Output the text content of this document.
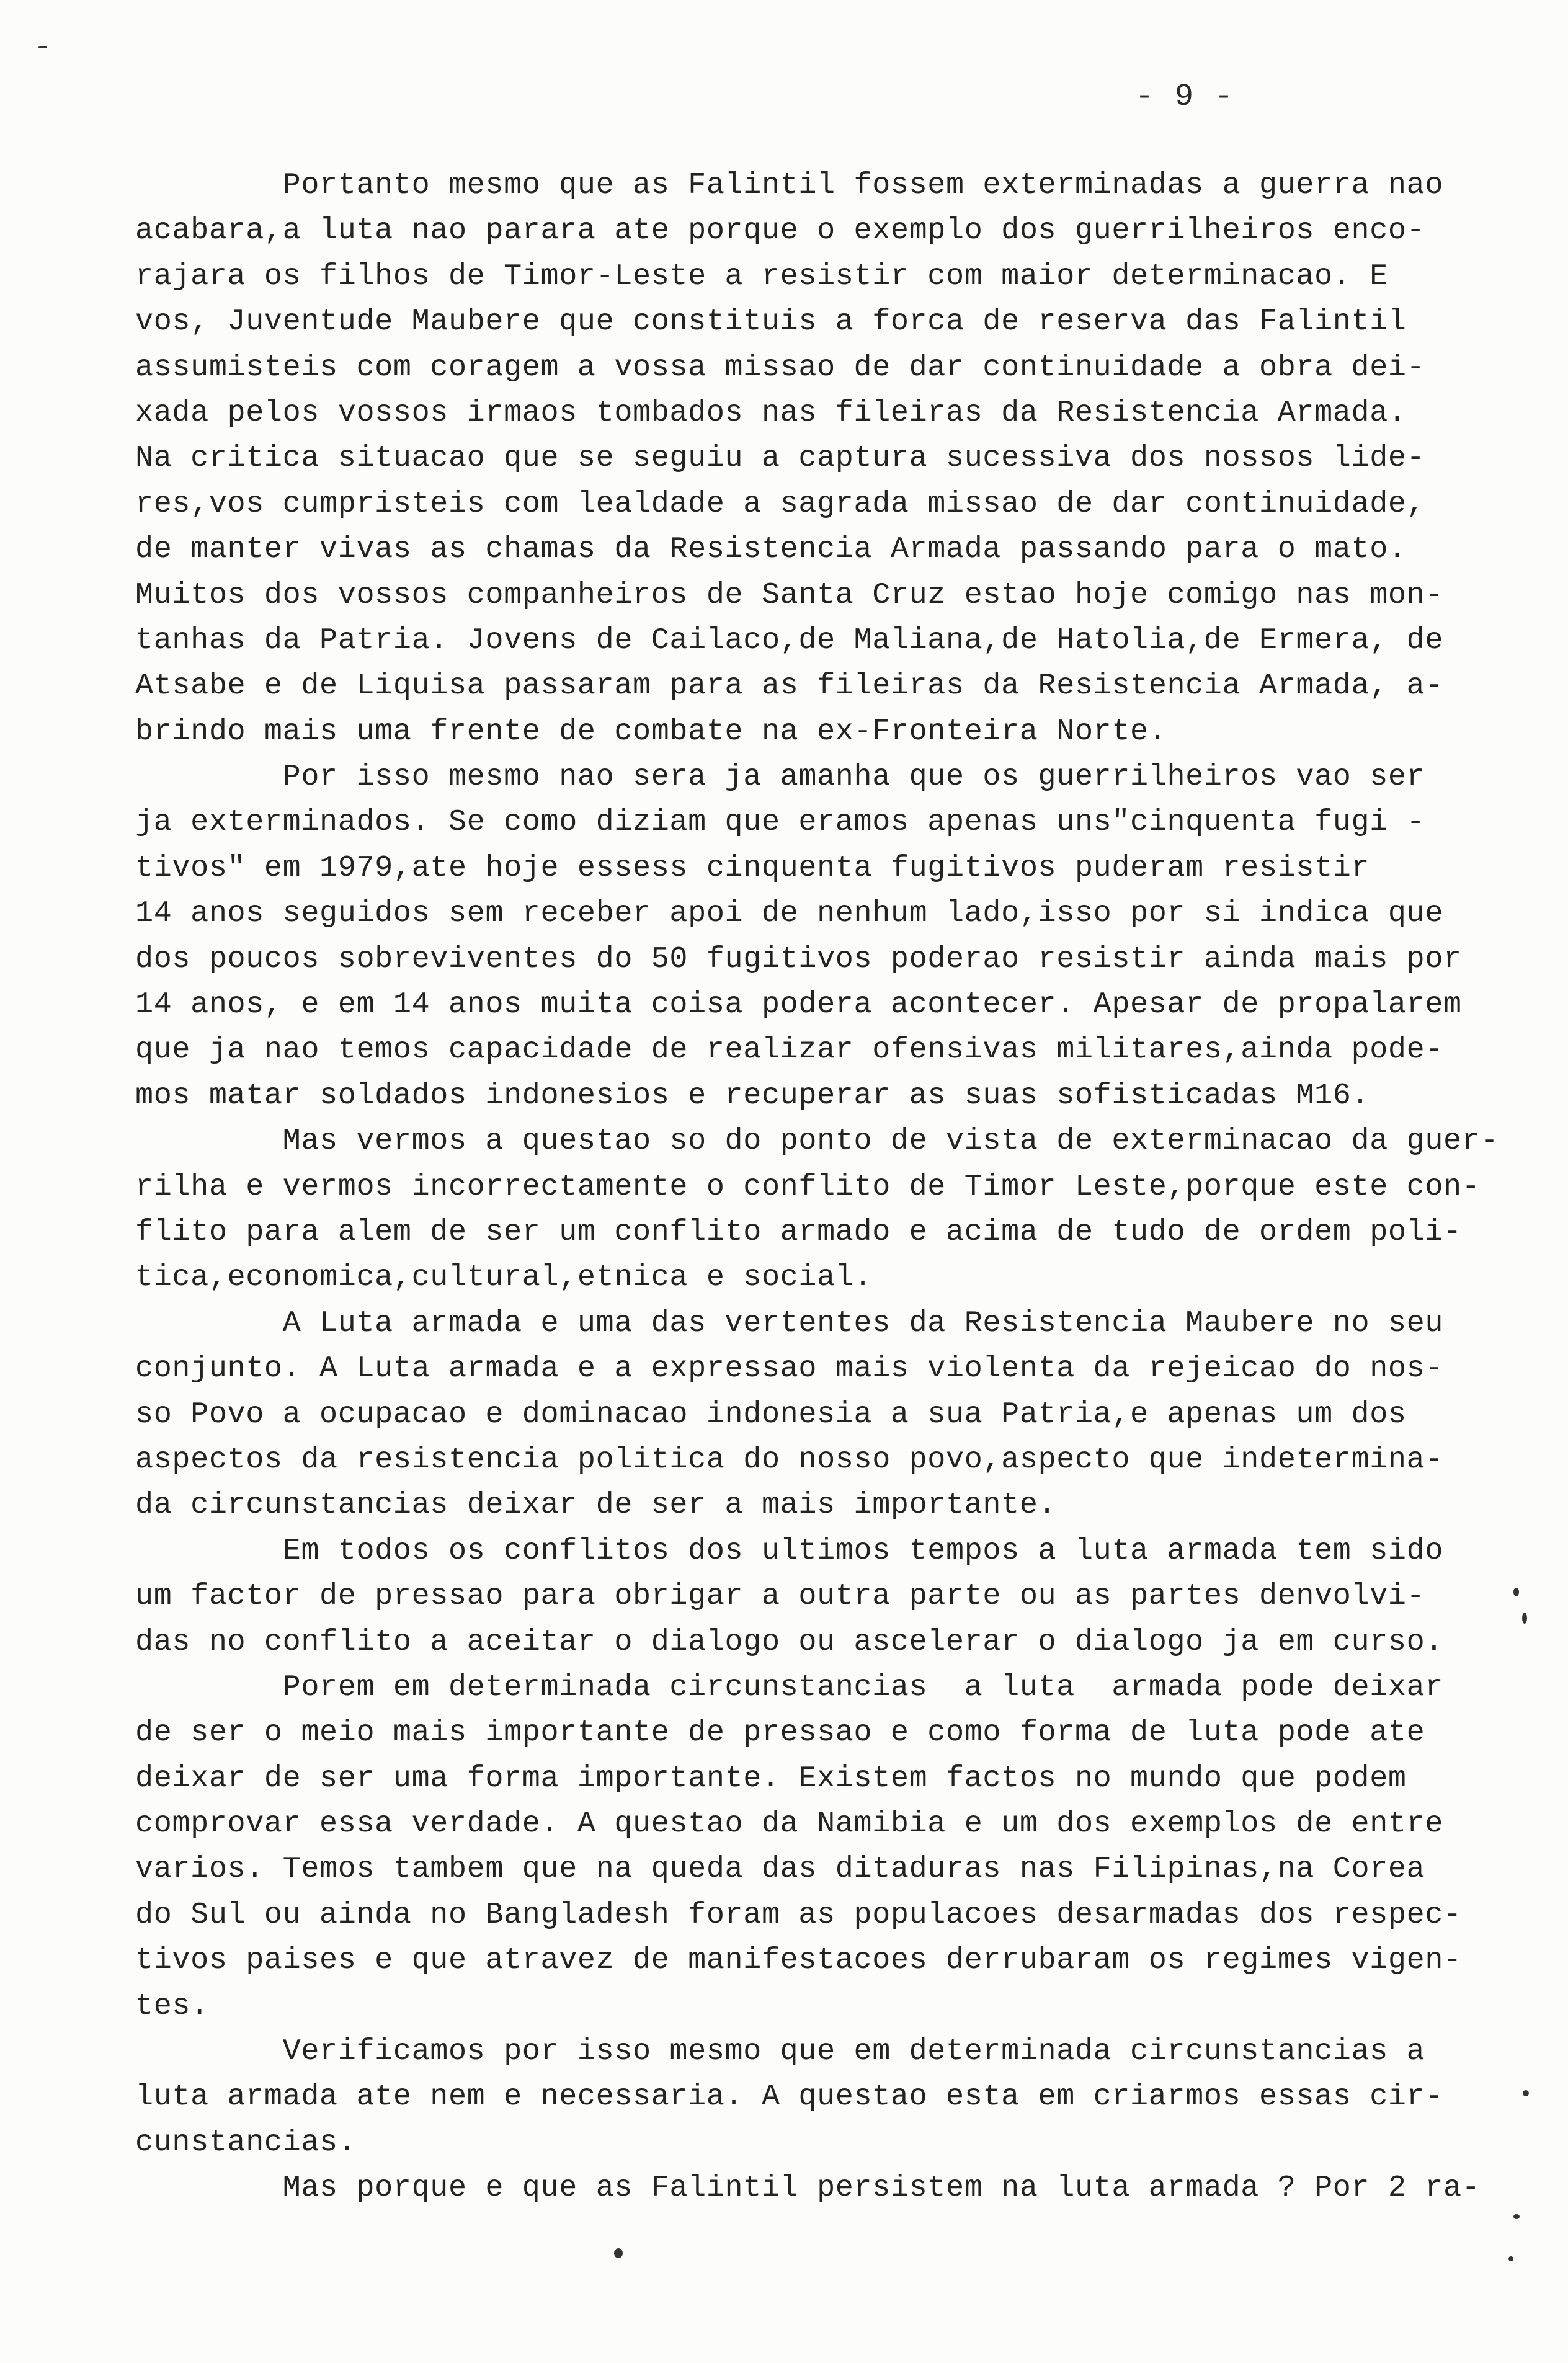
- 9 -
Portanto mesmo que as Falintil fossem exterminadas a guerra nao
acabara,a luta nao parara ate porque o exemplo dos guerrilheiros enco-
rajara os filhos de Timor-Leste a resistir com maior determinacao. E
vos, Juventude Maubere que constituis a forca de reserva das Falintil
assumisteis com coragem a vossa missao de dar continuidade a obra dei-
xada pelos vossos irmaos tombados nas fileiras da Resistencia Armada.
Na critica situacao que se seguiu a captura sucessiva dos nossos lide-
res,vos cumpristeis com lealdade a sagrada missao de dar continuidade,
de manter vivas as chamas da Resistencia Armada passando para o mato.
Muitos dos vossos companheiros de Santa Cruz estao hoje comigo nas mon-
tanhas da Patria. Jovens de Cailaco,de Maliana,de Hatolia,de Ermera, de
Atsabe e de Liquisa passaram para as fileiras da Resistencia Armada, a-
brindo mais uma frente de combate na ex-Fronteira Norte.
Por isso mesmo nao sera ja amanha que os guerrilheiros vao ser
ja exterminados. Se como diziam que eramos apenas uns"cinquenta fugi -
tivos" em 1979,ate hoje essess cinquenta fugitivos puderam resistir
14 anos seguidos sem receber apoi de nenhum lado,isso por si indica que
dos poucos sobreviventes do 50 fugitivos poderao resistir ainda mais por
14 anos, e em 14 anos muita coisa podera acontecer. Apesar de propalarem
que ja nao temos capacidade de realizar ofensivas militares,ainda pode-
mos matar soldados indonesios e recuperar as suas sofisticadas M16.
Mas vermos a questao so do ponto de vista de exterminacao da guer-
rilha e vermos incorrectamente o conflito de Timor Leste,porque este con-
flito para alem de ser um conflito armado e acima de tudo de ordem poli-
tica,economica,cultural,etnica e social.
A Luta armada e uma das vertentes da Resistencia Maubere no seu
conjunto. A Luta armada e a expressao mais violenta da rejeicao do nos-
so Povo a ocupacao e dominacao indonesia a sua Patria,e apenas um dos
aspectos da resistencia politica do nosso povo,aspecto que indetermina-
da circunstancias deixar de ser a mais importante.
Em todos os conflitos dos ultimos tempos a luta armada tem sido
um factor de pressao para obrigar a outra parte ou as partes denvolvi-
das no conflito a aceitar o dialogo ou ascelerar o dialogo ja em curso.
Porem em determinada circunstancias  a luta  armada pode deixar
de ser o meio mais importante de pressao e como forma de luta pode ate
deixar de ser uma forma importante. Existem factos no mundo que podem
comprovar essa verdade. A questao da Namibia e um dos exemplos de entre
varios. Temos tambem que na queda das ditaduras nas Filipinas,na Corea
do Sul ou ainda no Bangladesh foram as populacoes desarmadas dos respec-
tivos paises e que atravez de manifestacoes derrubaram os regimes vigen-
tes.
Verificamos por isso mesmo que em determinada circunstancias a
luta armada ate nem e necessaria. A questao esta em criarmos essas cir-
cunstancias.
Mas porque e que as Falintil persistem na luta armada ? Por 2 ra-
